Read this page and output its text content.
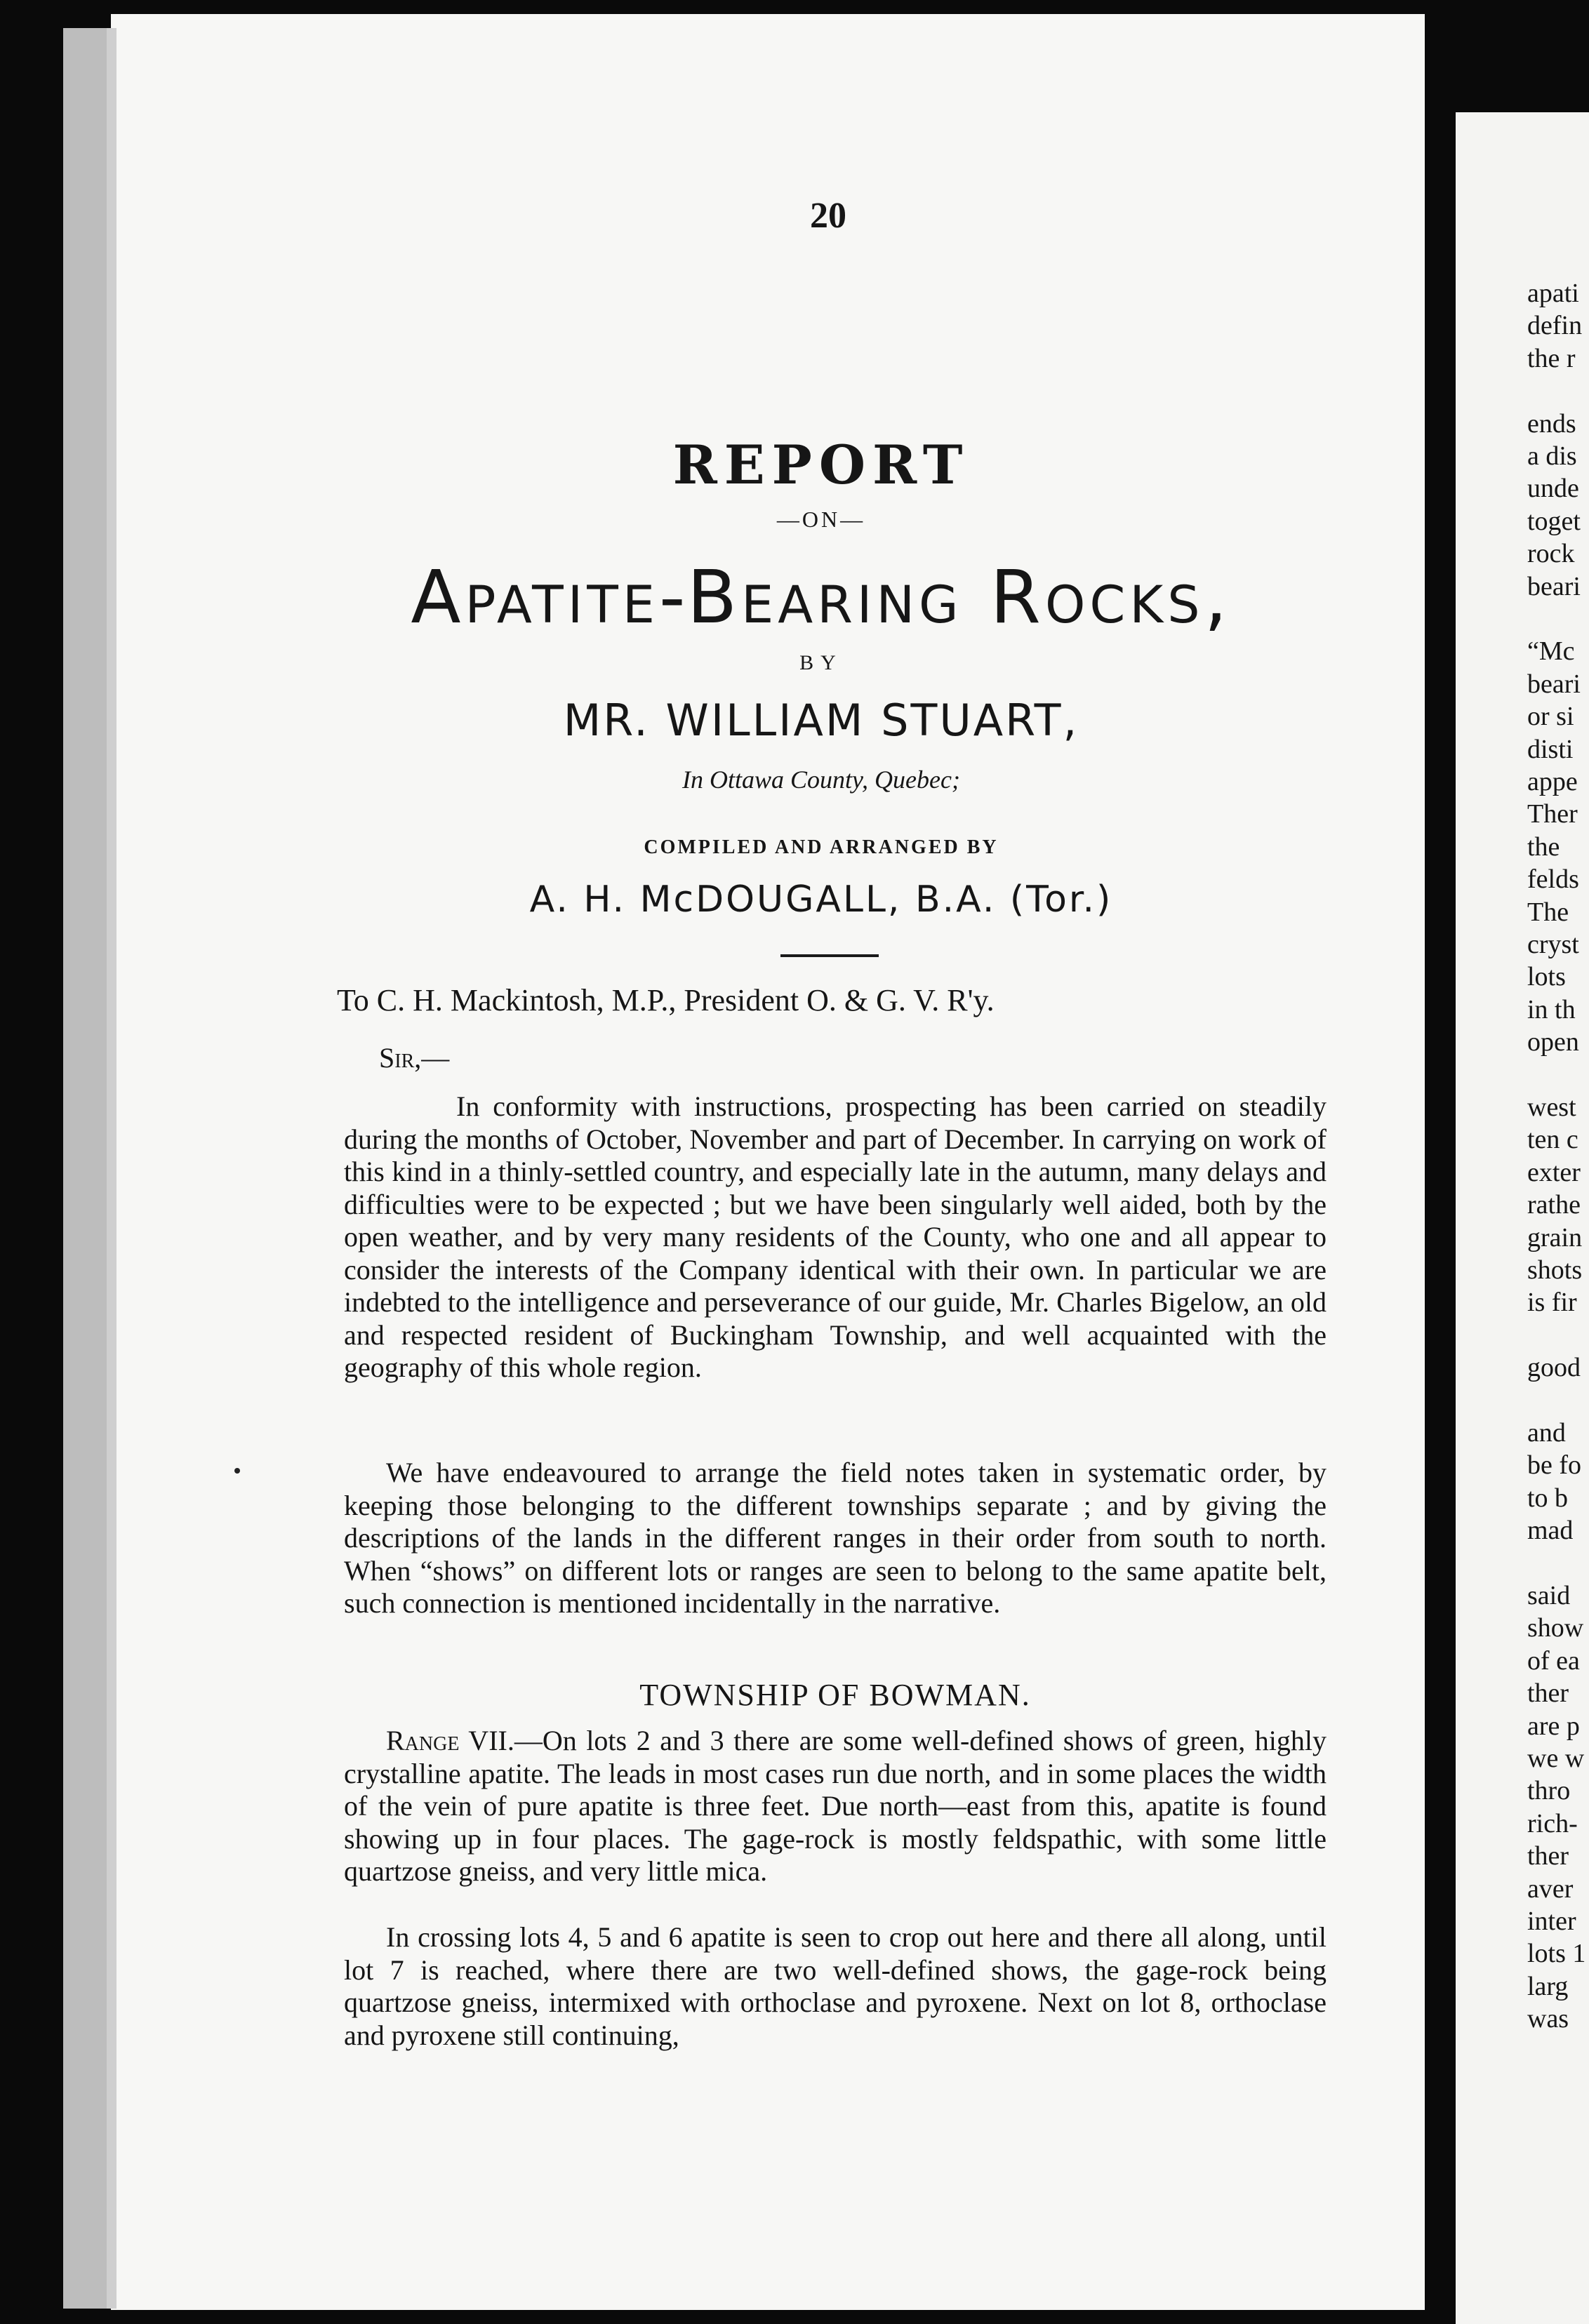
20
REPORT
—ON—
Apatite-Bearing Rocks,
BY
MR. WILLIAM STUART,
In Ottawa County, Quebec;
COMPILED AND ARRANGED BY
A. H. McDOUGALL, B.A. (Tor.)
To C. H. Mackintosh, M.P., President O. & G. V. R'y.
Sir,—
In conformity with instructions, prospecting has been carried on steadily during the months of October, November and part of December. In carrying on work of this kind in a thinly-settled country, and especially late in the autumn, many delays and difficulties were to be expected ; but we have been singularly well aided, both by the open weather, and by very many residents of the County, who one and all appear to consider the interests of the Company identical with their own. In particular we are indebted to the intelligence and perseverance of our guide, Mr. Charles Bigelow, an old and respected resident of Buckingham Township, and well acquainted with the geography of this whole region.
We have endeavoured to arrange the field notes taken in systematic order, by keeping those belonging to the different townships separate ; and by giving the descriptions of the lands in the different ranges in their order from south to north. When “shows” on different lots or ranges are seen to belong to the same apatite belt, such connection is mentioned incidentally in the narrative.
TOWNSHIP OF BOWMAN.
Range VII.—On lots 2 and 3 there are some well-defined shows of green, highly crystalline apatite. The leads in most cases run due north, and in some places the width of the vein of pure apatite is three feet. Due north—east from this, apatite is found showing up in four places. The gage-rock is mostly feldspathic, with some little quartzose gneiss, and very little mica.
In crossing lots 4, 5 and 6 apatite is seen to crop out here and there all along, until lot 7 is reached, where there are two well-defined shows, the gage-rock being quartzose gneiss, intermixed with orthoclase and pyroxene. Next on lot 8, orthoclase and pyroxene still continuing,
apati
defin
the r
ends
a dis
unde
toget
rock
beari
“Mc
beari
or si
disti
appe
Ther
the
felds
The
cryst
lots
in th
open
west
ten c
exter
rathe
grain
shots
is fir
good
and
be fo
to b
mad
said
show
of ea
ther
are p
we w
thro
rich-
ther
aver
inter
lots 1
larg
was
